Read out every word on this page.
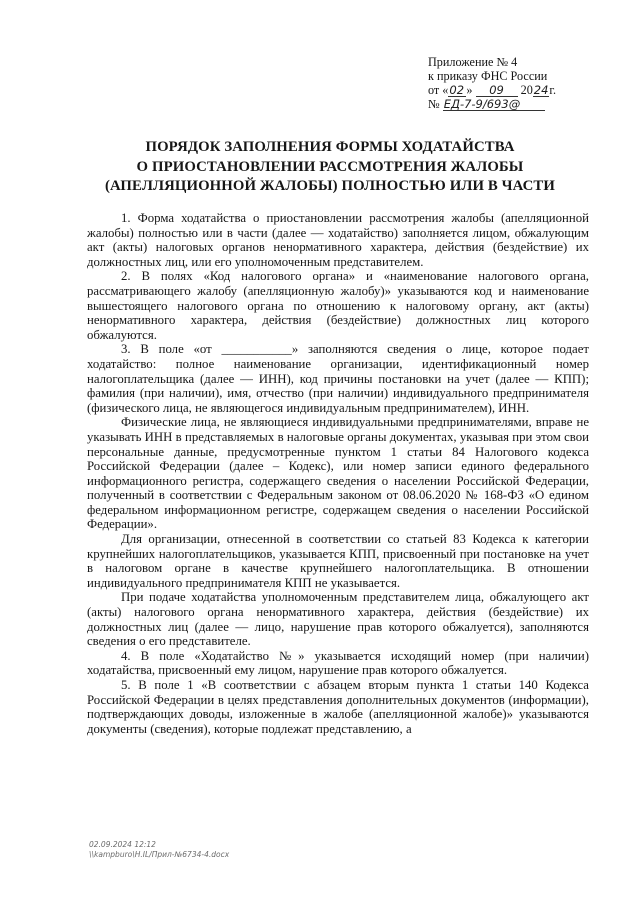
Приложение № 4
к приказу ФНС России
от «02 » 09 2024г.
№ ЕД-7-9/693@
ПОРЯДОК ЗАПОЛНЕНИЯ ФОРМЫ ХОДАТАЙСТВА
О ПРИОСТАНОВЛЕНИИ РАССМОТРЕНИЯ ЖАЛОБЫ
(АПЕЛЛЯЦИОННОЙ ЖАЛОБЫ) ПОЛНОСТЬЮ ИЛИ В ЧАСТИ

1. Форма ходатайства о приостановлении рассмотрения жалобы (апелляционной жалобы) полностью или в части (далее — ходатайство) заполняется лицом, обжалующим акт (акты) налоговых органов ненормативного характера, действия (бездействие) их должностных лиц, или его уполномоченным представителем.

2. В полях «Код налогового органа» и «наименование налогового органа, рассматривающего жалобу (апелляционную жалобу)» указываются код и наименование вышестоящего налогового органа по отношению к налоговому органу, акт (акты) ненормативного характера, действия (бездействие) должностных лиц которого обжалуются.

3. В поле «от ___________» заполняются сведения о лице, которое подает ходатайство: полное наименование организации, идентификационный номер налогоплательщика (далее — ИНН), код причины постановки на учет (далее — КПП); фамилия (при наличии), имя, отчество (при наличии) индивидуального предпринимателя (физического лица, не являющегося индивидуальным предпринимателем), ИНН.

Физические лица, не являющиеся индивидуальными предпринимателями, вправе не указывать ИНН в представляемых в налоговые органы документах, указывая при этом свои персональные данные, предусмотренные пунктом 1 статьи 84 Налогового кодекса Российской Федерации (далее – Кодекс), или номер записи единого федерального информационного регистра, содержащего сведения о населении Российской Федерации, полученный в соответствии с Федеральным законом от 08.06.2020 № 168-ФЗ «О едином федеральном информационном регистре, содержащем сведения о населении Российской Федерации».

Для организации, отнесенной в соответствии со статьей 83 Кодекса к категории крупнейших налогоплательщиков, указывается КПП, присвоенный при постановке на учет в налоговом органе в качестве крупнейшего налогоплательщика. В отношении индивидуального предпринимателя КПП не указывается.

При подаче ходатайства уполномоченным представителем лица, обжалующего акт (акты) налогового органа ненормативного характера, действия (бездействие) их должностных лиц (далее — лицо, нарушение прав которого обжалуется), заполняются сведения о его представителе.

4. В поле «Ходатайство №» указывается исходящий номер (при наличии) ходатайства, присвоенный ему лицом, нарушение прав которого обжалуется.

5. В поле 1 «В соответствии с абзацем вторым пункта 1 статьи 140 Кодекса Российской Федерации в целях представления дополнительных документов (информации), подтверждающих доводы, изложенные в жалобе (апелляционной жалобе)» указываются документы (сведения), которые подлежат представлению, а

02.09.2024 12:12
\\kampburo\H.IL/Прил-№6734-4.docx
